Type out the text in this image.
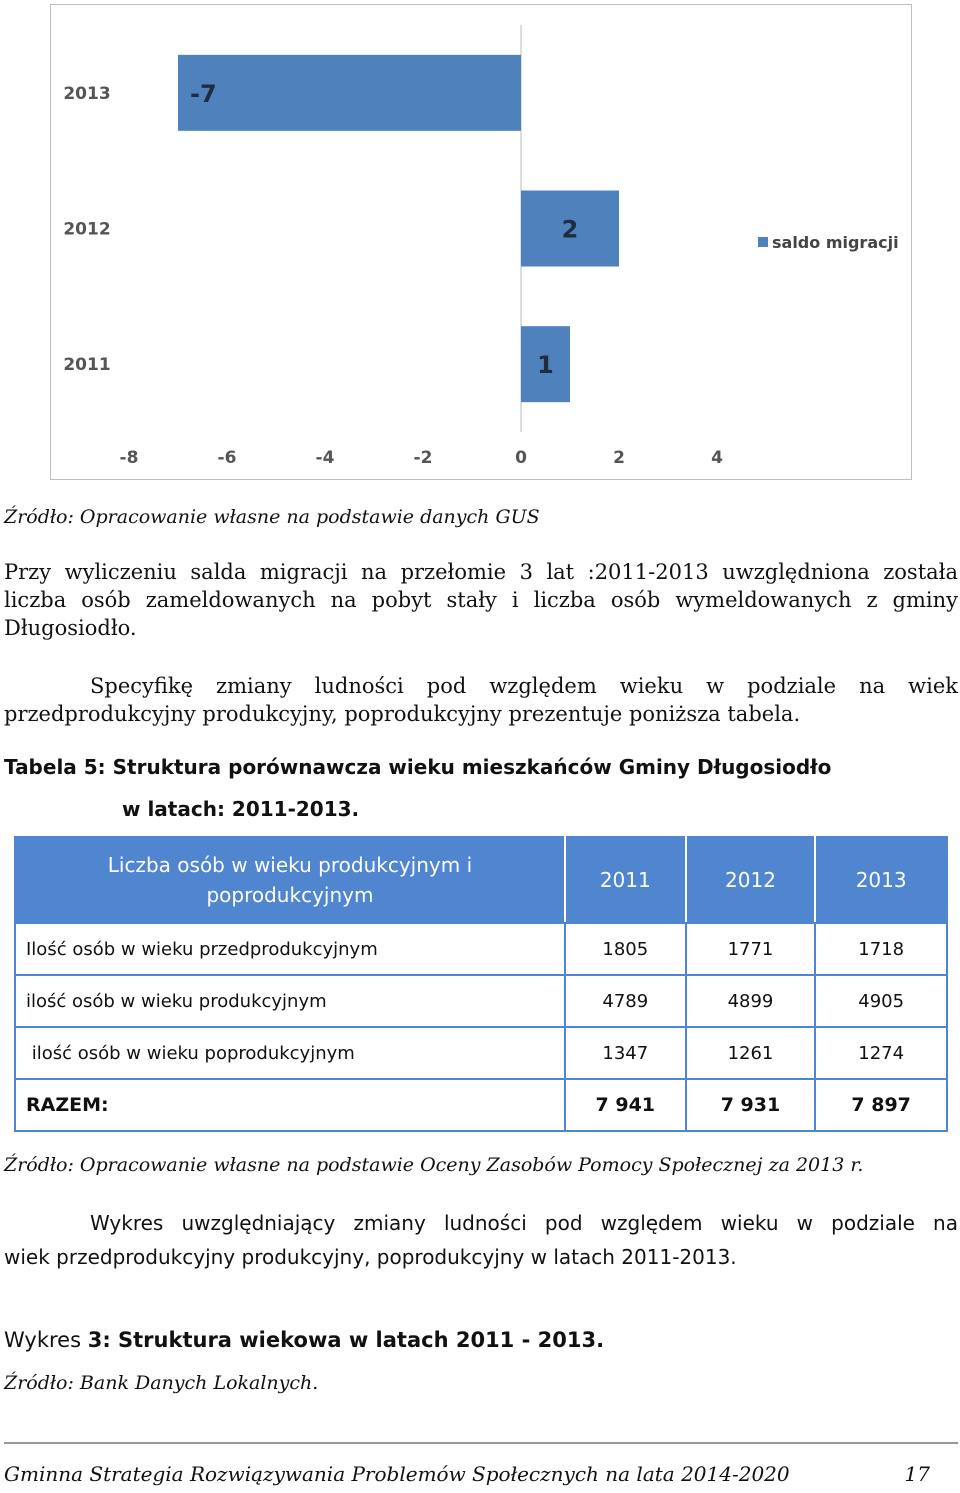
-7
2013
2
2012
1
2011
-8	-6	-4	-2	0	2	4
saldo migracji

Źródło: Opracowanie własne na podstawie danych GUS

Przy wyliczeniu salda migracji na przełomie 3 lat :2011-2013 uwzględniona została
liczba osób zameldowanych na pobyt stały i liczba osób wymeldowanych z gminy
Długosiodło.
Specyfikę zmiany ludności pod względem wieku w podziale na wiek
przedprodukcyjny produkcyjny, poprodukcyjny prezentuje poniższa tabela.
Tabela 5: Struktura porównawcza wieku mieszkańców Gminy Długosiodło
w latach: 2011-2013.
Liczba osób w wieku produkcyjnym i poprodukcyjnym	2011	2012	2013
Ilość osób w wieku przedprodukcyjnym	1805	1771	1718
ilość osób w wieku produkcyjnym	4789	4899	4905
ilość osób w wieku poprodukcyjnym	1347	1261	1274
RAZEM:	7 941	7 931	7 897

Źródło: Opracowanie własne na podstawie Oceny Zasobów Pomocy Społecznej za 2013 r.

Wykres uwzględniający zmiany ludności pod względem wieku w podziale na
wiek przedprodukcyjny produkcyjny, poprodukcyjny w latach 2011-2013.
Wykres 3: Struktura wiekowa w latach 2011 - 2013.

Źródło: Bank Danych Lokalnych.

Gminna Strategia Rozwiązywania Problemów Społecznych na lata 2014-2020	17
